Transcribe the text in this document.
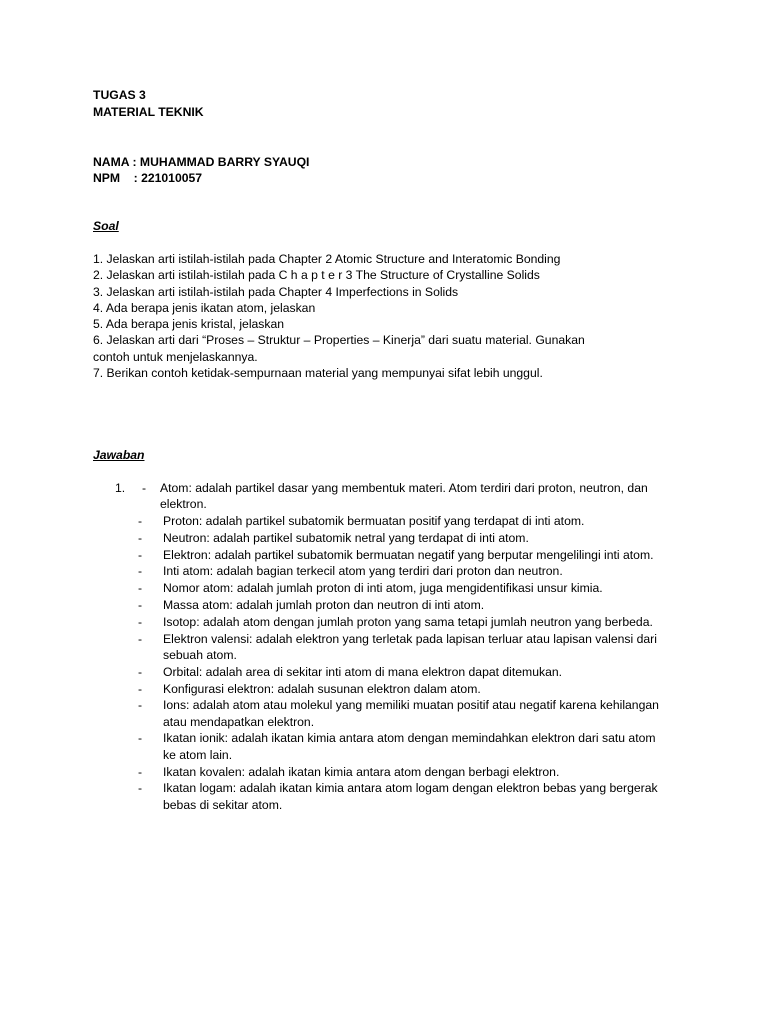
TUGAS 3
MATERIAL TEKNIK
NAMA : MUHAMMAD BARRY SYAUQI
NPM    : 221010057
Soal
1. Jelaskan arti istilah-istilah pada Chapter 2 Atomic Structure and Interatomic Bonding
2. Jelaskan arti istilah-istilah pada C h a p t e r 3 The Structure of Crystalline Solids
3. Jelaskan arti istilah-istilah pada Chapter 4 Imperfections in Solids
4. Ada berapa jenis ikatan atom, jelaskan
5. Ada berapa jenis kristal, jelaskan
6. Jelaskan arti dari “Proses – Struktur – Properties – Kinerja” dari suatu material. Gunakan
contoh untuk menjelaskannya.
7. Berikan contoh ketidak-sempurnaan material yang mempunyai sifat lebih unggul.
Jawaban
1. -	Atom: adalah partikel dasar yang membentuk materi. Atom terdiri dari proton, neutron, dan elektron.
- Proton: adalah partikel subatomik bermuatan positif yang terdapat di inti atom.
- Neutron: adalah partikel subatomik netral yang terdapat di inti atom.
- Elektron: adalah partikel subatomik bermuatan negatif yang berputar mengelilingi inti atom.
- Inti atom: adalah bagian terkecil atom yang terdiri dari proton dan neutron.
- Nomor atom: adalah jumlah proton di inti atom, juga mengidentifikasi unsur kimia.
- Massa atom: adalah jumlah proton dan neutron di inti atom.
- Isotop: adalah atom dengan jumlah proton yang sama tetapi jumlah neutron yang berbeda.
- Elektron valensi: adalah elektron yang terletak pada lapisan terluar atau lapisan valensi dari sebuah atom.
- Orbital: adalah area di sekitar inti atom di mana elektron dapat ditemukan.
- Konfigurasi elektron: adalah susunan elektron dalam atom.
- Ions: adalah atom atau molekul yang memiliki muatan positif atau negatif karena kehilangan atau mendapatkan elektron.
- Ikatan ionik: adalah ikatan kimia antara atom dengan memindahkan elektron dari satu atom ke atom lain.
- Ikatan kovalen: adalah ikatan kimia antara atom dengan berbagi elektron.
- Ikatan logam: adalah ikatan kimia antara atom logam dengan elektron bebas yang bergerak bebas di sekitar atom.
